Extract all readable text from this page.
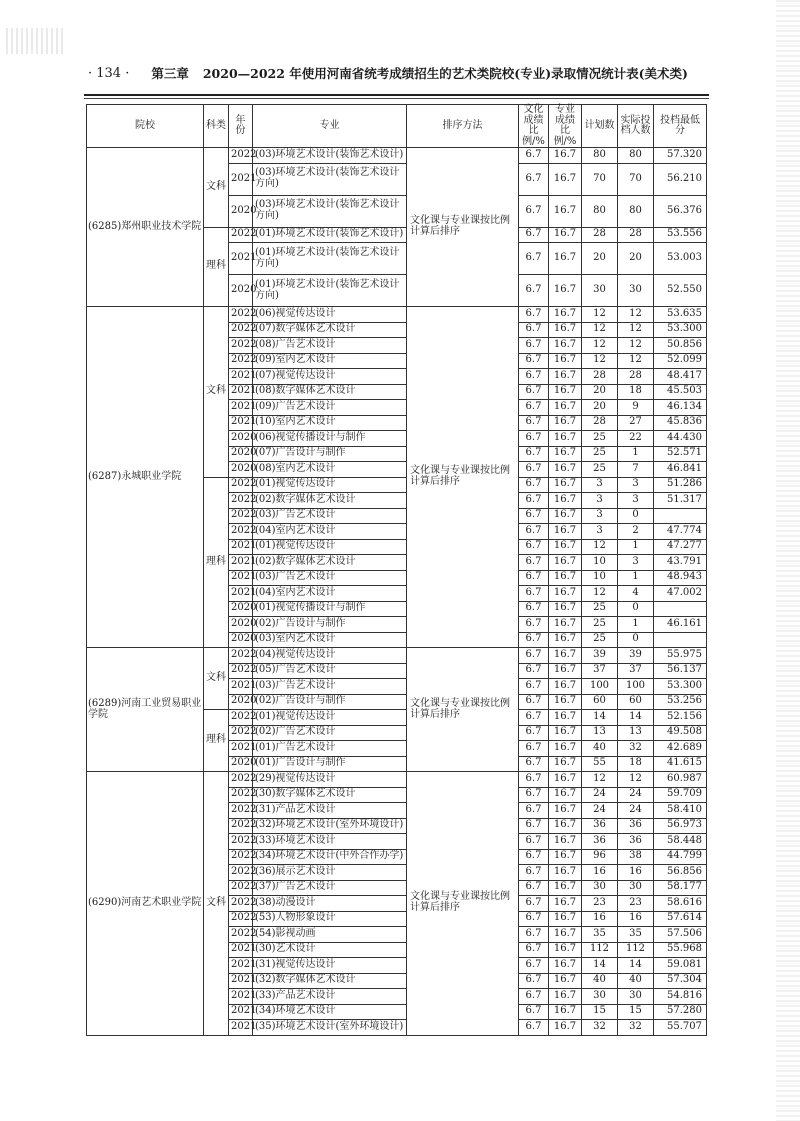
· 134 · 第三章 2020—2022 年使用河南省统考成绩招生的艺术类院校(专业)录取情况统计表(美术类)
院校	科类	年份	专业	排序方法	文化成绩比例/%	专业成绩比例/%	计划数	实际投档人数	投档最低分
(6285)郑州职业技术学院	文科	2022	(03)环境艺术设计(装饰艺术设计)	文化课与专业课按比例计算后排序	6.7	16.7	80	80	57.320
		2021	(03)环境艺术设计(装饰艺术设计方向)		6.7	16.7	70	70	56.210
		2020	(03)环境艺术设计(装饰艺术设计方向)		6.7	16.7	80	80	56.376
	理科	2022	(01)环境艺术设计(装饰艺术设计)		6.7	16.7	28	28	53.556
		2021	(01)环境艺术设计(装饰艺术设计方向)		6.7	16.7	20	20	53.003
		2020	(01)环境艺术设计(装饰艺术设计方向)		6.7	16.7	30	30	52.550
(6287)永城职业学院	文科	2022	(06)视觉传达设计	文化课与专业课按比例计算后排序	6.7	16.7	12	12	53.635
		2022	(07)数字媒体艺术设计		6.7	16.7	12	12	53.300
		2022	(08)广告艺术设计		6.7	16.7	12	12	50.856
		2022	(09)室内艺术设计		6.7	16.7	12	12	52.099
		2021	(07)视觉传达设计		6.7	16.7	28	28	48.417
		2021	(08)数字媒体艺术设计		6.7	16.7	20	18	45.503
		2021	(09)广告艺术设计		6.7	16.7	20	9	46.134
		2021	(10)室内艺术设计		6.7	16.7	28	27	45.836
		2020	(06)视觉传播设计与制作		6.7	16.7	25	22	44.430
		2020	(07)广告设计与制作		6.7	16.7	25	1	52.571
		2020	(08)室内艺术设计		6.7	16.7	25	7	46.841
	理科	2022	(01)视觉传达设计		6.7	16.7	3	3	51.286
		2022	(02)数字媒体艺术设计		6.7	16.7	3	3	51.317
		2022	(03)广告艺术设计		6.7	16.7	3	0	
		2022	(04)室内艺术设计		6.7	16.7	3	2	47.774
		2021	(01)视觉传达设计		6.7	16.7	12	1	47.277
		2021	(02)数字媒体艺术设计		6.7	16.7	10	3	43.791
		2021	(03)广告艺术设计		6.7	16.7	10	1	48.943
		2021	(04)室内艺术设计		6.7	16.7	12	4	47.002
		2020	(01)视觉传播设计与制作		6.7	16.7	25	0	
		2020	(02)广告设计与制作		6.7	16.7	25	1	46.161
		2020	(03)室内艺术设计		6.7	16.7	25	0	
(6289)河南工业贸易职业学院	文科	2022	(04)视觉传达设计	文化课与专业课按比例计算后排序	6.7	16.7	39	39	55.975
		2022	(05)广告艺术设计		6.7	16.7	37	37	56.137
		2021	(03)广告艺术设计		6.7	16.7	100	100	53.300
		2020	(02)广告设计与制作		6.7	16.7	60	60	53.256
	理科	2022	(01)视觉传达设计		6.7	16.7	14	14	52.156
		2022	(02)广告艺术设计		6.7	16.7	13	13	49.508
		2021	(01)广告艺术设计		6.7	16.7	40	32	42.689
		2020	(01)广告设计与制作		6.7	16.7	55	18	41.615
(6290)河南艺术职业学院	文科	2022	(29)视觉传达设计	文化课与专业课按比例计算后排序	6.7	16.7	12	12	60.987
		2022	(30)数字媒体艺术设计		6.7	16.7	24	24	59.709
		2022	(31)产品艺术设计		6.7	16.7	24	24	58.410
		2022	(32)环境艺术设计(室外环境设计)		6.7	16.7	36	36	56.973
		2022	(33)环境艺术设计		6.7	16.7	36	36	58.448
		2022	(34)环境艺术设计(中外合作办学)		6.7	16.7	96	38	44.799
		2022	(36)展示艺术设计		6.7	16.7	16	16	56.856
		2022	(37)广告艺术设计		6.7	16.7	30	30	58.177
		2022	(38)动漫设计		6.7	16.7	23	23	58.616
		2022	(53)人物形象设计		6.7	16.7	16	16	57.614
		2022	(54)影视动画		6.7	16.7	35	35	57.506
		2021	(30)艺术设计		6.7	16.7	112	112	55.968
		2021	(31)视觉传达设计		6.7	16.7	14	14	59.081
		2021	(32)数字媒体艺术设计		6.7	16.7	40	40	57.304
		2021	(33)产品艺术设计		6.7	16.7	30	30	54.816
		2021	(34)环境艺术设计		6.7	16.7	15	15	57.280
		2021	(35)环境艺术设计(室外环境设计)		6.7	16.7	32	32	55.707
